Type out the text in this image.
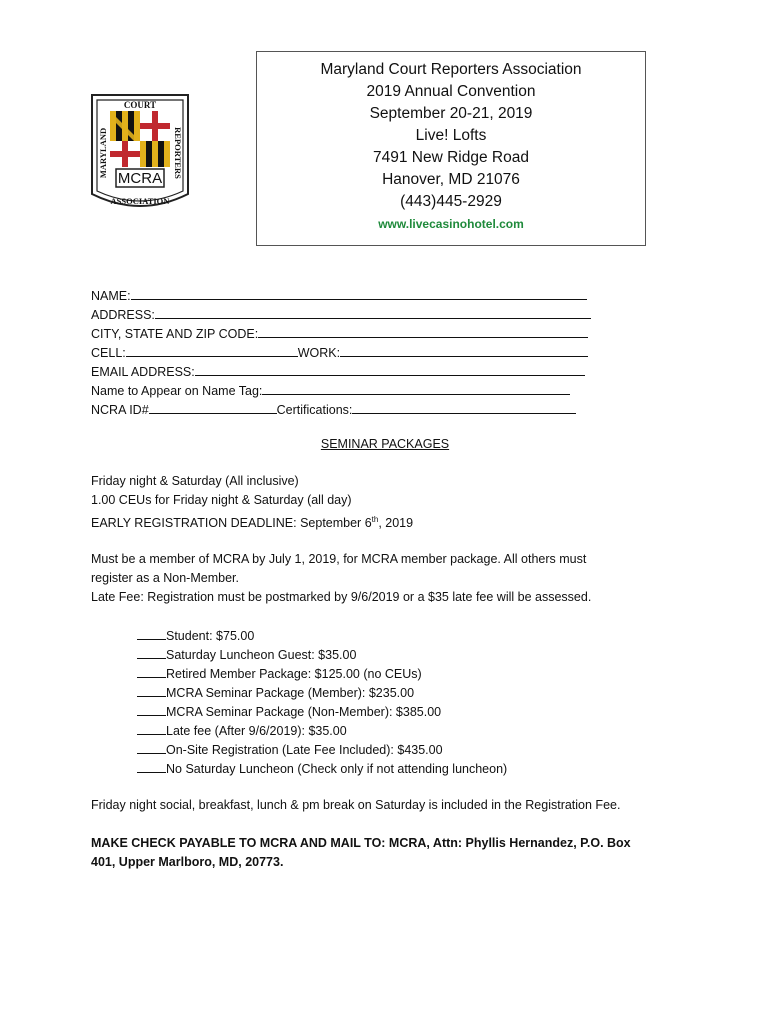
MCRA
COURT
ASSOCIATION
MARYLAND	REPORTERS
Maryland Court Reporters Association
2019 Annual Convention
September 20-21, 2019
Live! Lofts
7491 New Ridge Road
Hanover, MD 21076
(443)445-2929
www.livecasinohotel.com
NAME:
ADDRESS:
CITY, STATE AND ZIP CODE:
CELL:	WORK:
EMAIL ADDRESS:
Name to Appear on Name Tag:
NCRA ID#	Certifications:
SEMINAR PACKAGES
Friday night & Saturday (All inclusive)
1.00 CEUs for Friday night & Saturday (all day)
EARLY REGISTRATION DEADLINE: September 6th, 2019
Must be a member of MCRA by July 1, 2019, for MCRA member package. All others must
register as a Non-Member.
Late Fee: Registration must be postmarked by 9/6/2019 or a $35 late fee will be assessed.
Student: $75.00
Saturday Luncheon Guest: $35.00
Retired Member Package: $125.00 (no CEUs)
MCRA Seminar Package (Member): $235.00
MCRA Seminar Package (Non-Member): $385.00
Late fee (After 9/6/2019): $35.00
On-Site Registration (Late Fee Included): $435.00
No Saturday Luncheon (Check only if not attending luncheon)
Friday night social, breakfast, lunch & pm break on Saturday is included in the Registration Fee.
MAKE CHECK PAYABLE TO MCRA AND MAIL TO: MCRA, Attn: Phyllis Hernandez, P.O. Box
401, Upper Marlboro, MD, 20773.
